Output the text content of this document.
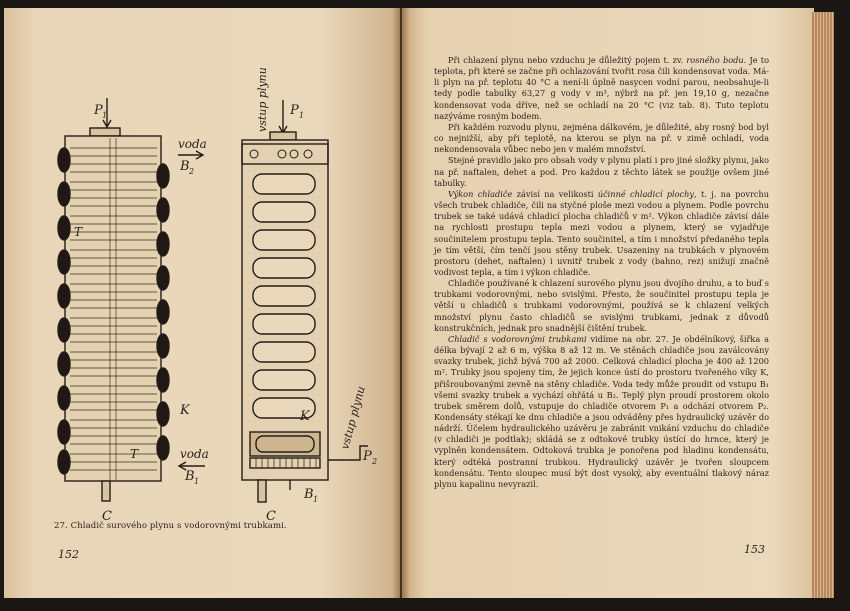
P 1
voda
B 2
T
T
K
voda
B 1
C
vstup plynu P 1
K	vstup plynu
P 2
B 1
C
27. Chladič surového plynu s vodorovnými trubkami.
152

Při chlazení plynu nebo vzduchu je důležitý pojem t. zv. rosného bodu. Je to teplota, při které se začne při ochlazování tvořit rosa čili kondensovat voda. Má-li plyn na př. teplotu 40 °C a není-li úplně nasycen vodní parou, neobsahuje-li tedy podle tabulky 63,27 g vody v m³, nýbrž na př. jen 19,10 g, nezačne kondensovat voda dříve, než se ochladí na 20 °C (viz tab. 8). Tuto teplotu nazýváme rosným bodem.

Při každém rozvodu plynu, zejména dálkovém, je důležité, aby rosný bod byl co nejnižší, aby při teplotě, na kterou se plyn na př. v zimě ochladí, voda nekondensovala vůbec nebo jen v malém množství.

Stejné pravidlo jako pro obsah vody v plynu platí i pro jiné složky plynu, jako na př. naftalen, dehet a pod. Pro každou z těchto látek se použije ovšem jiné tabulky.

Výkon chladiče závisí na velikosti účinné chladicí plochy, t. j. na povrchu všech trubek chladiče, čili na styčné ploše mezi vodou a plynem. Podle povrchu trubek se také udává chladicí plocha chladičů v m². Výkon chladiče závisí dále na rychlosti prostupu tepla mezi vodou a plynem, který se vyjadřuje součinitelem prostupu tepla. Tento součinitel, a tím i množství předaného tepla je tím větší, čím tenčí jsou stěny trubek. Usazeniny na trubkách v plynovém prostoru (dehet, naftalen) i uvnitř trubek z vody (bahno, rez) snižují značně vodivost tepla, a tím i výkon chladiče.

Chladiče používané k chlazení surového plynu jsou dvojího druhu, a to buď s trubkami vodorovnými, nebo svislými. Přesto, že součinitel prostupu tepla je větší u chladičů s trubkami vodorovnými, používá se k chlazení velkých množství plynu často chladičů se svislými trubkami, jednak z důvodů konstrukčních, jednak pro snadnější čištění trubek.

Chladič s vodorovnými trubkami vidíme na obr. 27. Je obdélníkový, šířka a délka bývají 2 až 6 m, výška 8 až 12 m. Ve stěnách chladiče jsou zaválcovány svazky trubek, jichž bývá 700 až 2000. Celková chladicí plocha je 400 až 1200 m². Trubky jsou spojeny tím, že jejich konce ústí do prostoru tvořeného víky K, přišroubovanými zevně na stěny chladiče. Voda tedy může proudit od vstupu B₁ všemi svazky trubek a vychází ohřátá u B₂. Teplý plyn proudí prostorem okolo trubek směrem dolů, vstupuje do chladiče otvorem P₁ a odchází otvorem P₂. Kondensáty stékají ke dnu chladiče a jsou odváděny přes hydraulický uzávěr do nádrží. Účelem hydraulického uzávěru je zabránit vnikání vzduchu do chladiče (v chladiči je podtlak); skládá se z odtokové trubky ústící do hrnce, který je vyplněn kondensátem. Odtoková trubka je ponořena pod hladinu kondensátu, který odtéká postranní trubkou. Hydraulický uzávěr je tvořen sloupcem kondensátu. Tento sloupec musí být dost vysoký, aby eventuální tlakový náraz plynu kapalinu nevyrazil.

153
